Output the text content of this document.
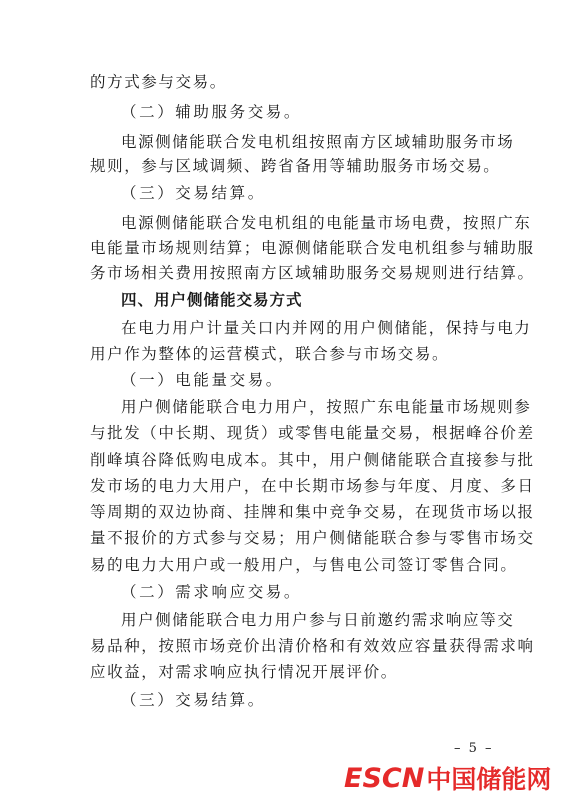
的方式参与交易。
（二）辅助服务交易。
电源侧储能联合发电机组按照南方区域辅助服务市场
规则，参与区域调频、跨省备用等辅助服务市场交易。
（三）交易结算。
电源侧储能联合发电机组的电能量市场电费，按照广东
电能量市场规则结算；电源侧储能联合发电机组参与辅助服
务市场相关费用按照南方区域辅助服务交易规则进行结算。
四、用户侧储能交易方式
在电力用户计量关口内并网的用户侧储能，保持与电力
用户作为整体的运营模式，联合参与市场交易。
（一）电能量交易。
用户侧储能联合电力用户，按照广东电能量市场规则参
与批发（中长期、现货）或零售电能量交易，根据峰谷价差
削峰填谷降低购电成本。其中，用户侧储能联合直接参与批
发市场的电力大用户，在中长期市场参与年度、月度、多日
等周期的双边协商、挂牌和集中竞争交易，在现货市场以报
量不报价的方式参与交易；用户侧储能联合参与零售市场交
易的电力大用户或一般用户，与售电公司签订零售合同。
（二）需求响应交易。
用户侧储能联合电力用户参与日前邀约需求响应等交
易品种，按照市场竞价出清价格和有效效应容量获得需求响
应收益，对需求响应执行情况开展评价。
（三）交易结算。
– 5 –
ESCN 中国储能网
